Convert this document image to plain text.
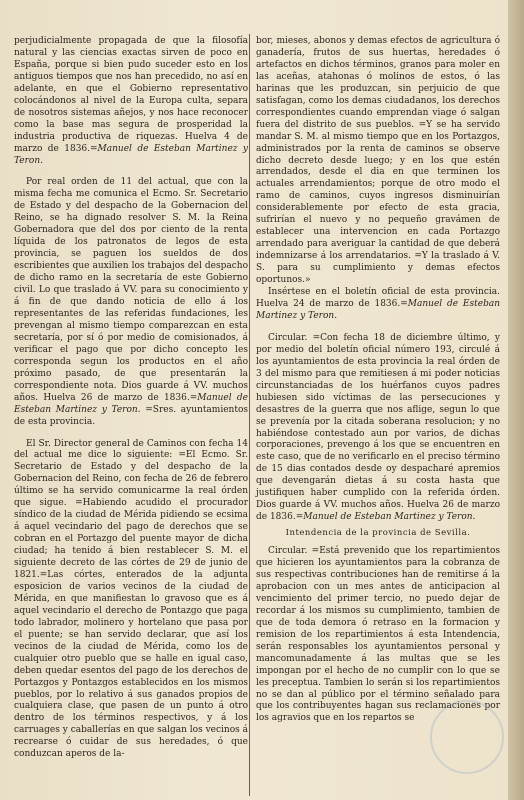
perjudicialmente propagada de que la filosofía natural y las ciencias exactas sirven de poco en España, porque si bien pudo suceder esto en los antiguos tiempos que nos han precedido, no así en adelante, en que el Gobierno representativo colocándonos al nivel de la Europa culta, separa de nosotros sistemas añejos, y nos hace reconocer como la base mas segura de prosperidad la industria productiva de riquezas. Huelva 4 de marzo de 1836.=Manuel de Esteban Martinez y Teron.

Por real orden de 11 del actual, que con la misma fecha me comunica el Ecmo. Sr. Secretario de Estado y del despacho de la Gobernacion del Reino, se ha dignado resolver S. M. la Reina Gobernadora que del dos por ciento de la renta líquida de los patronatos de legos de esta provincia, se paguen los sueldos de dos escribientes que auxilien los trabajos del despacho de dicho ramo en la secretaría de este Gobierno civil. Lo que traslado á VV. para su conocimiento y á fin de que dando noticia de ello á los representantes de las referidas fundaciones, les prevengan al mismo tiempo comparezcan en esta secretaría, por sí ó por medio de comisionados, á verificar el pago que por dicho concepto les corresponda segun los productos en el año próximo pasado, de que presentarán la correspondiente nota. Dios guarde á VV. muchos años. Huelva 26 de marzo de 1836.=Manuel de Esteban Martinez y Teron. =Sres. ayuntamientos de esta provincia.

El Sr. Director general de Caminos con fecha 14 del actual me dice lo siguiente: =El Ecmo. Sr. Secretario de Estado y del despacho de la Gobernacion del Reino, con fecha de 26 de febrero último se ha servido comunicarme la real órden que sigue. =Habiendo acudido el procurador síndico de la ciudad de Mérida pidiendo se ecsima á aquel vecindario del pago de derechos que se cobran en el Portazgo del puente mayor de dicha ciudad; ha tenido á bien restablecer S. M. el siguiente decreto de las córtes de 29 de junio de 1821.=Las córtes, enterados de la adjunta esposicion de varios vecinos de la ciudad de Mérida, en que manifiestan lo gravoso que es á aquel vecindario el derecho de Pontazgo que paga todo labrador, molinero y hortelano que pasa por el puente; se han servido declarar, que así los vecinos de la ciudad de Mérida, como los de cualquier otro pueblo que se halle en igual caso, deben quedar esentos del pago de los derechos de Portazgos y Pontazgos establecidos en los mismos pueblos, por lo relativo á sus ganados propios de cualquiera clase, que pasen de un punto á otro dentro de los términos respectivos, y á los carruages y caballerías en que salgan los vecinos á recrearse ó cuidar de sus heredades, ó que conduzcan aperos de la-

bor, mieses, abonos y demas efectos de agricultura ó ganadería, frutos de sus huertas, heredades ó artefactos en dichos términos, granos para moler en las aceñas, atahonas ó molinos de estos, ó las harinas que les produzcan, sin perjuicio de que satisfagan, como los demas ciudadanos, los derechos correspondientes cuando emprendan viage ó salgan fuera del distrito de sus pueblos. =Y se ha servido mandar S. M. al mismo tiempo que en los Portazgos, administrados por la renta de caminos se observe dicho decreto desde luego; y en los que estén arrendados, desde el dia en que terminen los actuales arrendamientos; porque de otro modo el ramo de caminos, cuyos ingresos disminuirían considerablemente por efecto de esta gracia, sufrirían el nuevo y no pequeño gravámen de establecer una intervencion en cada Portazgo arrendado para averiguar la cantidad de que deberá indemnizarse á los arrendatarios. =Y la traslado á V. S. para su cumplimiento y demas efectos oportunos.»

Insértese en el boletín oficial de esta provincia. Huelva 24 de marzo de 1836.=Manuel de Esteban Martinez y Teron.

Circular. =Con fecha 18 de diciembre último, y por medio del boletín oficial número 193, circulé á los ayuntamientos de esta provincia la real órden de 3 del mismo para que remitiesen á mi poder noticias circunstanciadas de los huérfanos cuyos padres hubiesen sido víctimas de las persecuciones y desastres de la guerra que nos aflige, segun lo que se prevenía por la citada soberana resolucion; y no habiéndose contestado aun por varios, de dichas corporaciones, prevengo á los que se encuentren en este caso, que de no verificarlo en el preciso término de 15 dias contados desde oy despacharé apremios que devengarán dietas á su costa hasta que justifiquen haber cumplido con la referida órden. Dios guarde á VV. muchos años. Huelva 26 de marzo de 1836.=Manuel de Esteban Martinez y Teron.

Intendencia de la provincia de Sevilla.

Circular. =Está prevenido que los repartimientos que hicieren los ayuntamientos para la cobranza de sus respectivas contribuciones han de remitirse á la aprobacion con un mes antes de anticipacion al vencimiento del primer tercio, no puedo dejar de recordar á los mismos su cumplimiento, tambien de que de toda demora ó retraso en la formacion y remision de los repartimientos á esta Intendencia, serán responsables los ayuntamientos personal y mancomunadamente á las multas que se les impongan por el hecho de no cumplir con lo que se les preceptua. Tambien lo serán si los repartimientos no se dan al público por el término señalado para que los contribuyentes hagan sus reclamaciones por los agravios que en los repartos se
